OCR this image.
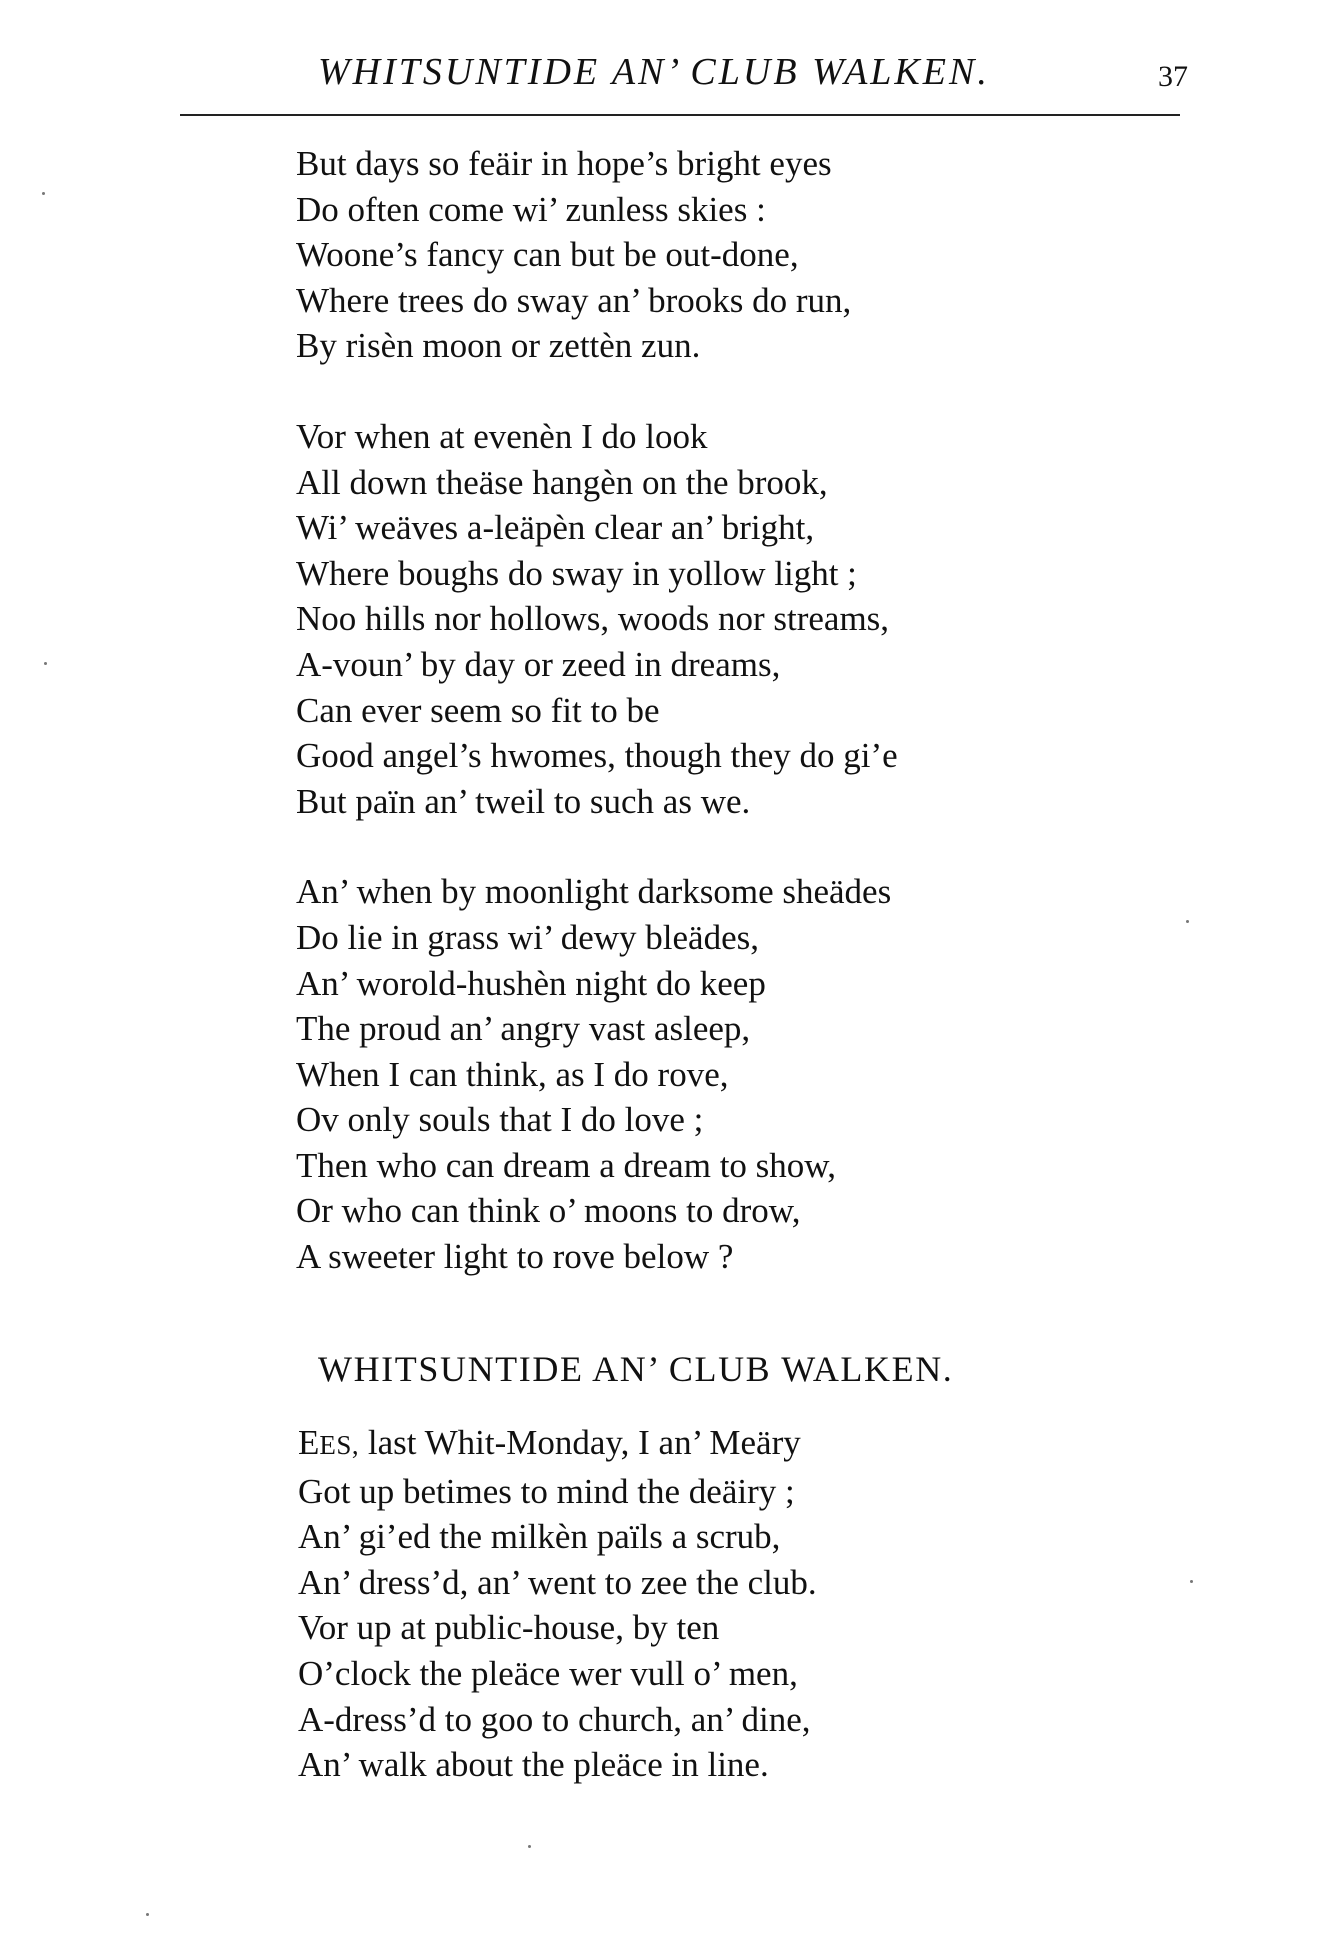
WHITSUNTIDE AN’ CLUB WALKEN.	37
But days so feäir in hope’s bright eyes
Do often come wi’ zunless skies :
Woone’s fancy can but be out-done,
Where trees do sway an’ brooks do run,
By risèn moon or zettèn zun.
Vor when at evenèn I do look
All down theäse hangèn on the brook,
Wi’ weäves a-leäpèn clear an’ bright,
Where boughs do sway in yollow light ;
Noo hills nor hollows, woods nor streams,
A-voun’ by day or zeed in dreams,
Can ever seem so fit to be
Good angel’s hwomes, though they do gi’e
But païn an’ tweil to such as we.
An’ when by moonlight darksome sheädes
Do lie in grass wi’ dewy bleädes,
An’ worold-hushèn night do keep
The proud an’ angry vast asleep,
When I can think, as I do rove,
Ov only souls that I do love ;
Then who can dream a dream to show,
Or who can think o’ moons to drow,
A sweeter light to rove below ?
WHITSUNTIDE AN’ CLUB WALKEN.
EES, last Whit-Monday, I an’ Meäry
Got up betimes to mind the deäiry ;
An’ gi’ed the milkèn païls a scrub,
An’ dress’d, an’ went to zee the club.
Vor up at public-house, by ten
O’clock the pleäce wer vull o’ men,
A-dress’d to goo to church, an’ dine,
An’ walk about the pleäce in line.
